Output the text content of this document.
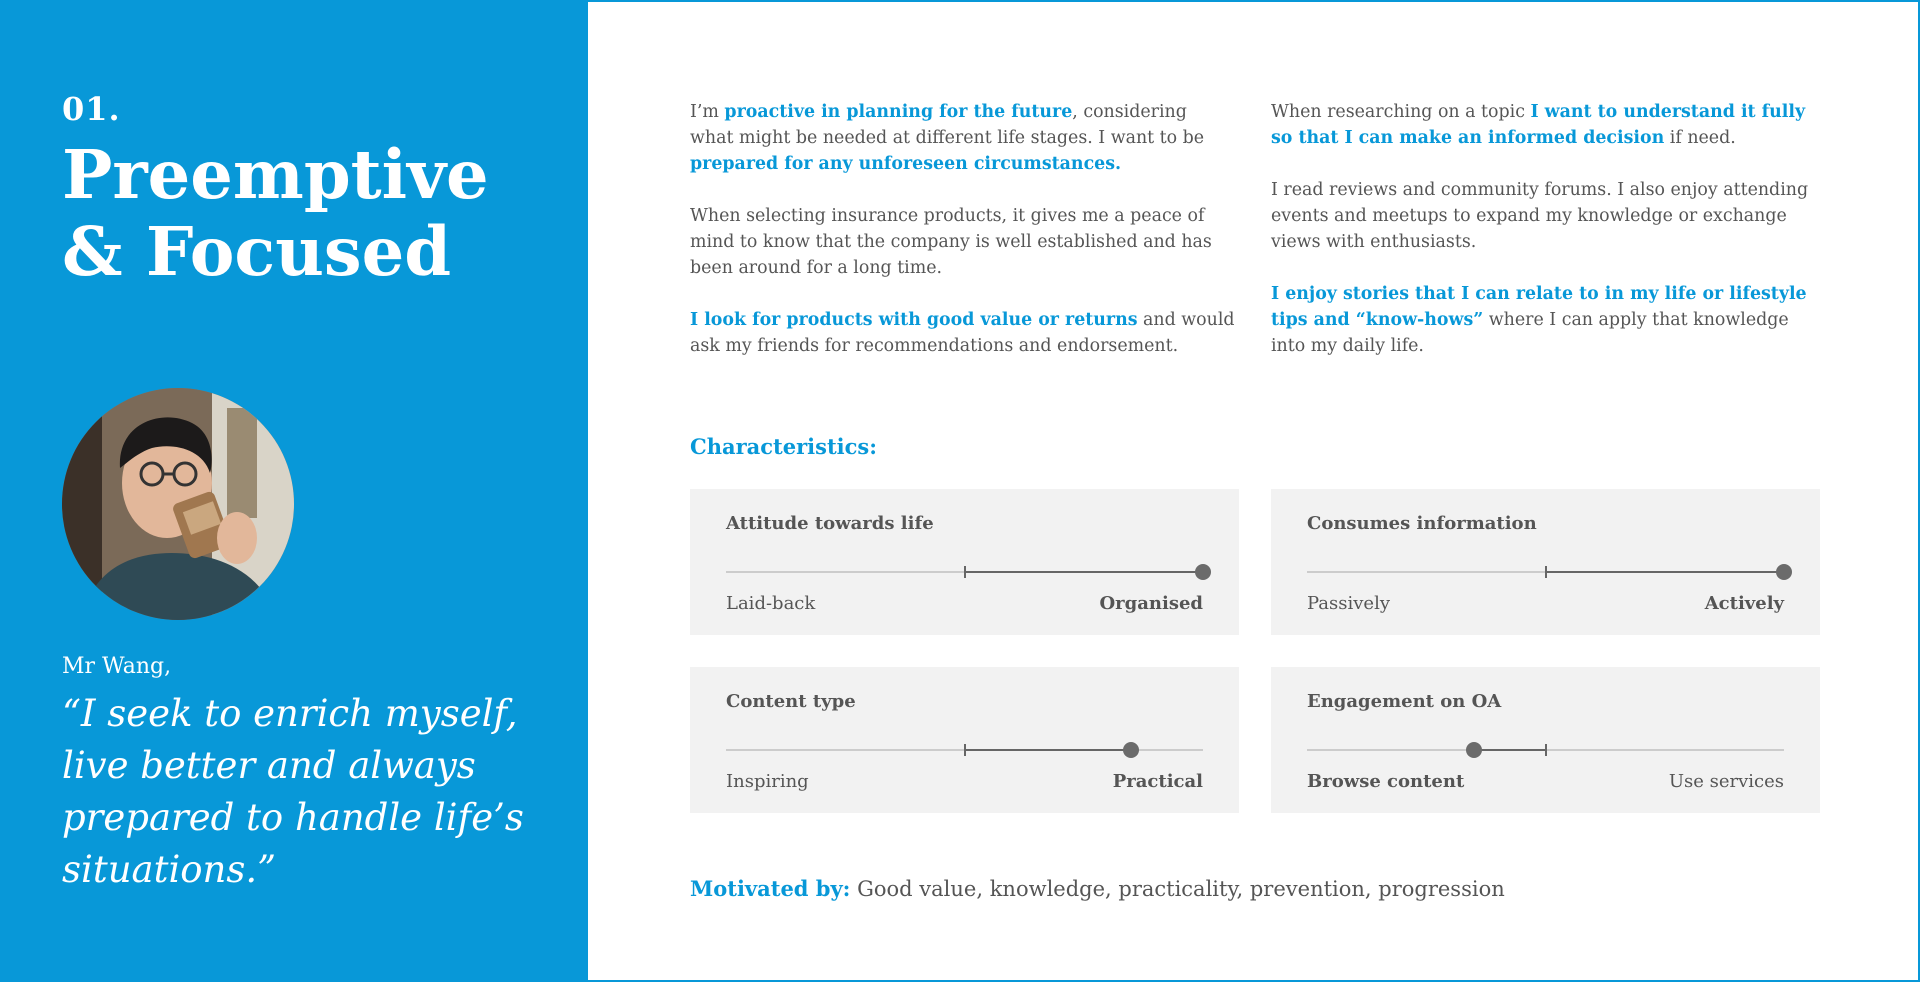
01.
Preemptive
& Focused
Mr Wang,
“I seek to enrich myself, live better and always prepared to handle life’s situations.”
I’m proactive in planning for the future, considering what might be needed at different life stages. I want to be prepared for any unforeseen circumstances.
When selecting insurance products, it gives me a peace of mind to know that the company is well established and has been around for a long time.
I look for products with good value or returns and would ask my friends for recommendations and endorsement.
When researching on a topic I want to understand it fully so that I can make an informed decision if need.
I read reviews and community forums. I also enjoy attending events and meetups to expand my knowledge or exchange views with enthusiasts.
I enjoy stories that I can relate to in my life or lifestyle tips and “know-hows” where I can apply that knowledge into my daily life.
Characteristics:
Attitude towards life
Laid-back	Organised
Consumes information
Passively	Actively
Content type
Inspiring	Practical
Engagement on OA
Browse content	Use services
Motivated by: Good value, knowledge, practicality, prevention, progression
